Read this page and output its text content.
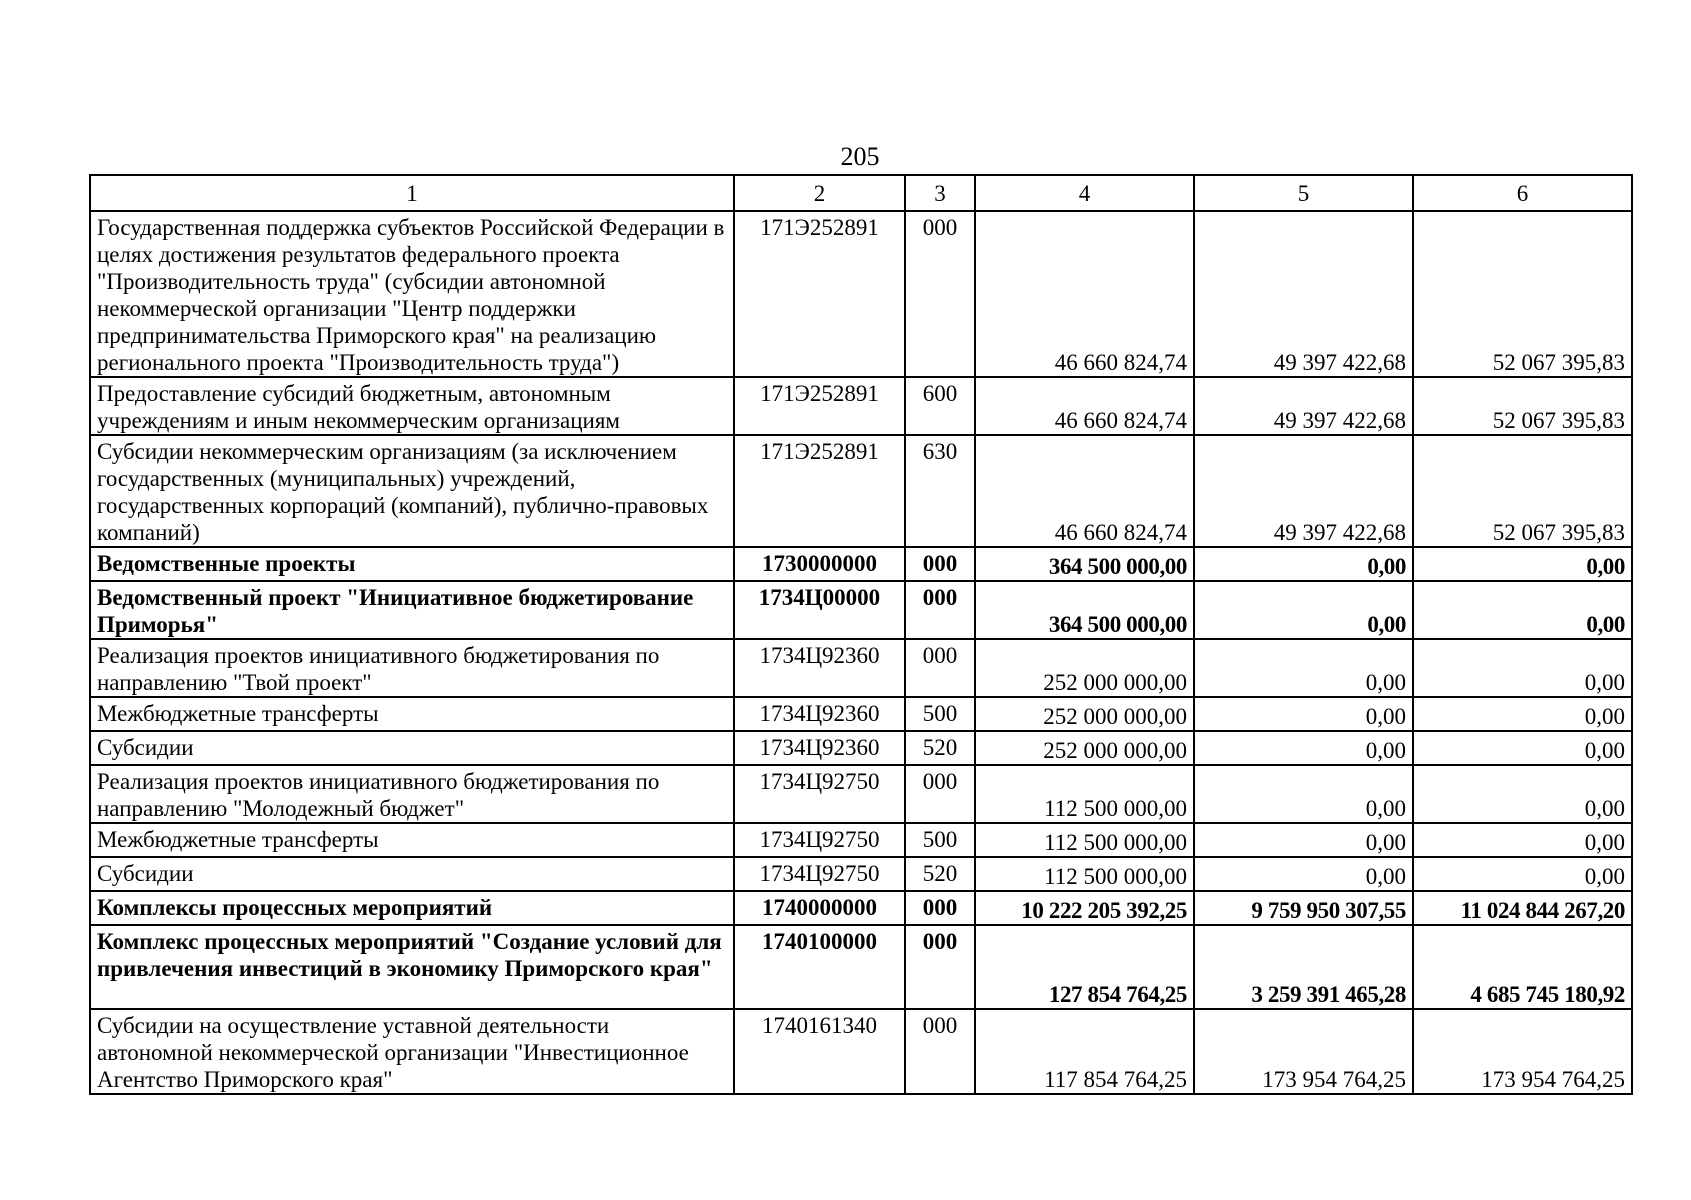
205
1	2	3	4	5	6
Государственная поддержка субъектов Российской Федерации в целях достижения результатов федерального проекта "Производительность труда" (субсидии автономной некоммерческой организации "Центр поддержки предпринимательства Приморского края" на реализацию регионального проекта "Производительность труда")	171Э252891	000	46 660 824,74	49 397 422,68	52 067 395,83
Предоставление субсидий бюджетным, автономным учреждениям и иным некоммерческим организациям	171Э252891	600	46 660 824,74	49 397 422,68	52 067 395,83
Субсидии некоммерческим организациям (за исключением государственных (муниципальных) учреждений, государственных корпораций (компаний), публично-правовых компаний)	171Э252891	630	46 660 824,74	49 397 422,68	52 067 395,83
Ведомственные проекты	1730000000	000	364 500 000,00	0,00	0,00
Ведомственный проект "Инициативное бюджетирование Приморья"	1734Ц00000	000	364 500 000,00	0,00	0,00
Реализация проектов инициативного бюджетирования по направлению "Твой проект"	1734Ц92360	000	252 000 000,00	0,00	0,00
Межбюджетные трансферты	1734Ц92360	500	252 000 000,00	0,00	0,00
Субсидии	1734Ц92360	520	252 000 000,00	0,00	0,00
Реализация проектов инициативного бюджетирования по направлению "Молодежный бюджет"	1734Ц92750	000	112 500 000,00	0,00	0,00
Межбюджетные трансферты	1734Ц92750	500	112 500 000,00	0,00	0,00
Субсидии	1734Ц92750	520	112 500 000,00	0,00	0,00
Комплексы процессных мероприятий	1740000000	000	10 222 205 392,25	9 759 950 307,55	11 024 844 267,20
Комплекс процессных мероприятий "Создание условий для привлечения инвестиций в экономику Приморского края"	1740100000	000	127 854 764,25	3 259 391 465,28	4 685 745 180,92
Субсидии на осуществление уставной деятельности автономной некоммерческой организации "Инвестиционное Агентство Приморского края"	1740161340	000	117 854 764,25	173 954 764,25	173 954 764,25
